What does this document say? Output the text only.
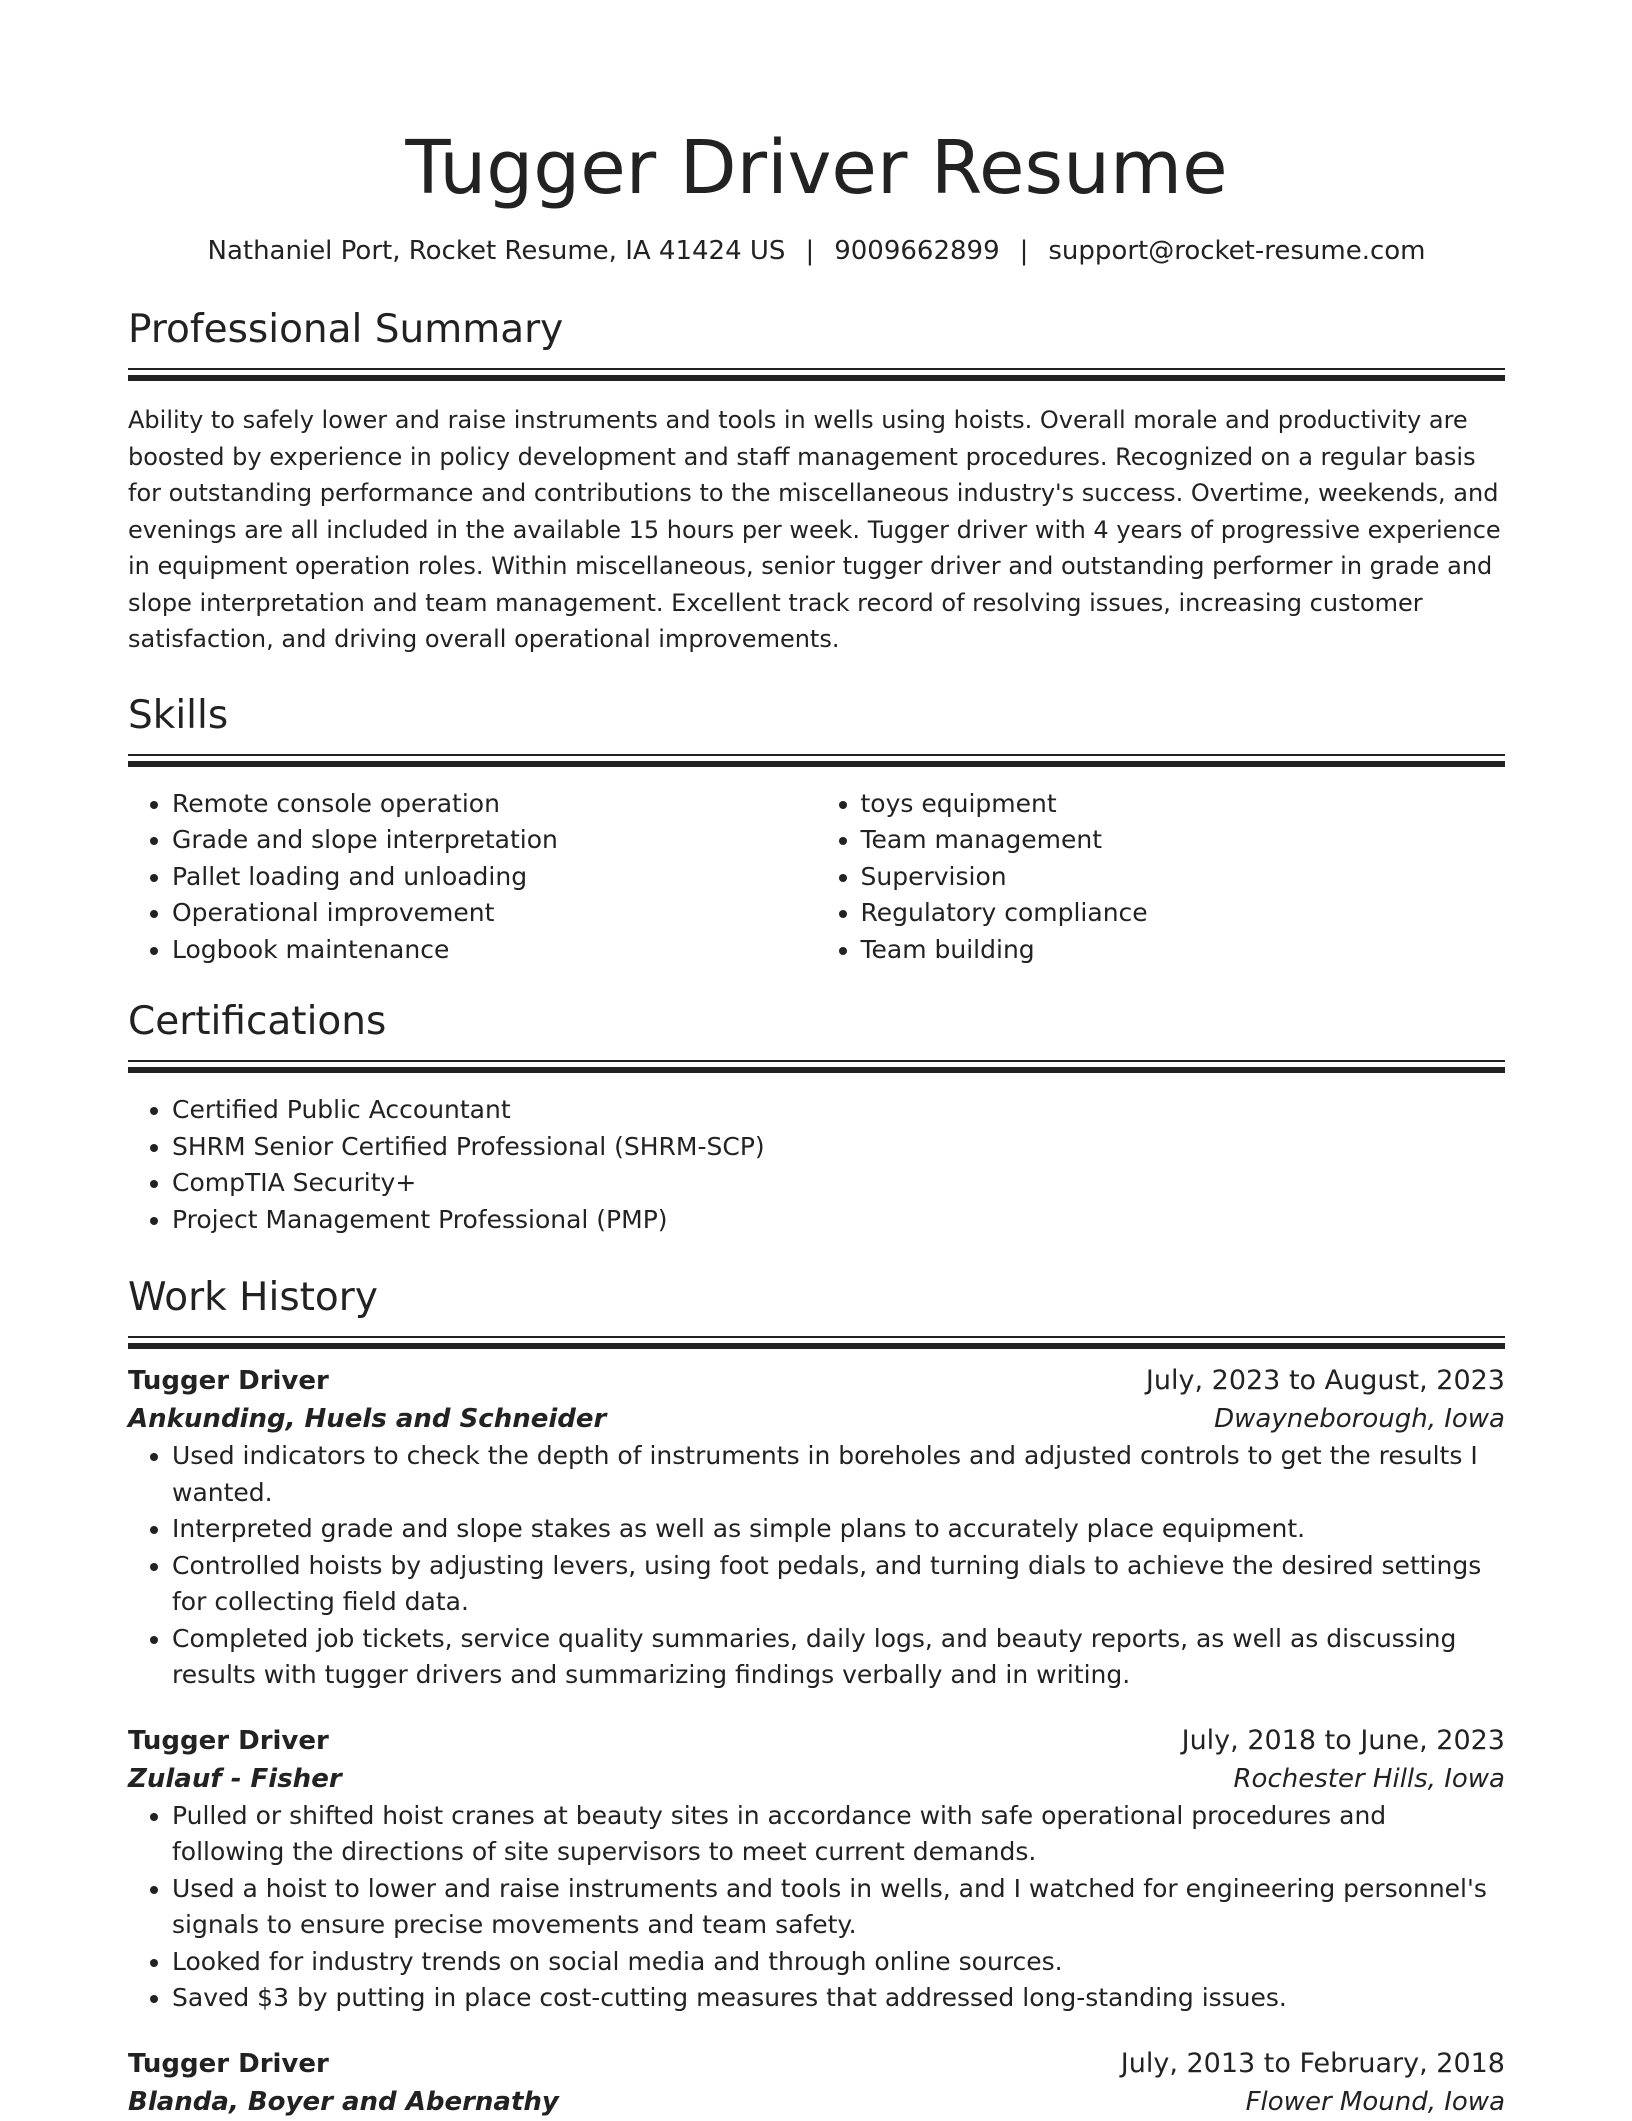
Tugger Driver Resume
Nathaniel Port, Rocket Resume, IA 41424 US | 9009662899 | support@rocket-resume.com
Professional Summary
Ability to safely lower and raise instruments and tools in wells using hoists. Overall morale and productivity are boosted by experience in policy development and staff management procedures. Recognized on a regular basis for outstanding performance and contributions to the miscellaneous industry's success. Overtime, weekends, and evenings are all included in the available 15 hours per week. Tugger driver with 4 years of progressive experience in equipment operation roles. Within miscellaneous, senior tugger driver and outstanding performer in grade and slope interpretation and team management. Excellent track record of resolving issues, increasing customer satisfaction, and driving overall operational improvements.
Skills
• Remote console operation
• Grade and slope interpretation
• Pallet loading and unloading
• Operational improvement
• Logbook maintenance
• toys equipment
• Team management
• Supervision
• Regulatory compliance
• Team building
Certifications
• Certified Public Accountant
• SHRM Senior Certified Professional (SHRM-SCP)
• CompTIA Security+
• Project Management Professional (PMP)
Work History
Tugger Driver	July, 2023 to August, 2023
Ankunding, Huels and Schneider	Dwayneborough, Iowa
• Used indicators to check the depth of instruments in boreholes and adjusted controls to get the results I wanted.
• Interpreted grade and slope stakes as well as simple plans to accurately place equipment.
• Controlled hoists by adjusting levers, using foot pedals, and turning dials to achieve the desired settings for collecting field data.
• Completed job tickets, service quality summaries, daily logs, and beauty reports, as well as discussing results with tugger drivers and summarizing findings verbally and in writing.
Tugger Driver	July, 2018 to June, 2023
Zulauf - Fisher	Rochester Hills, Iowa
• Pulled or shifted hoist cranes at beauty sites in accordance with safe operational procedures and following the directions of site supervisors to meet current demands.
• Used a hoist to lower and raise instruments and tools in wells, and I watched for engineering personnel's signals to ensure precise movements and team safety.
• Looked for industry trends on social media and through online sources.
• Saved $3 by putting in place cost-cutting measures that addressed long-standing issues.
Tugger Driver	July, 2013 to February, 2018
Blanda, Boyer and Abernathy	Flower Mound, Iowa
